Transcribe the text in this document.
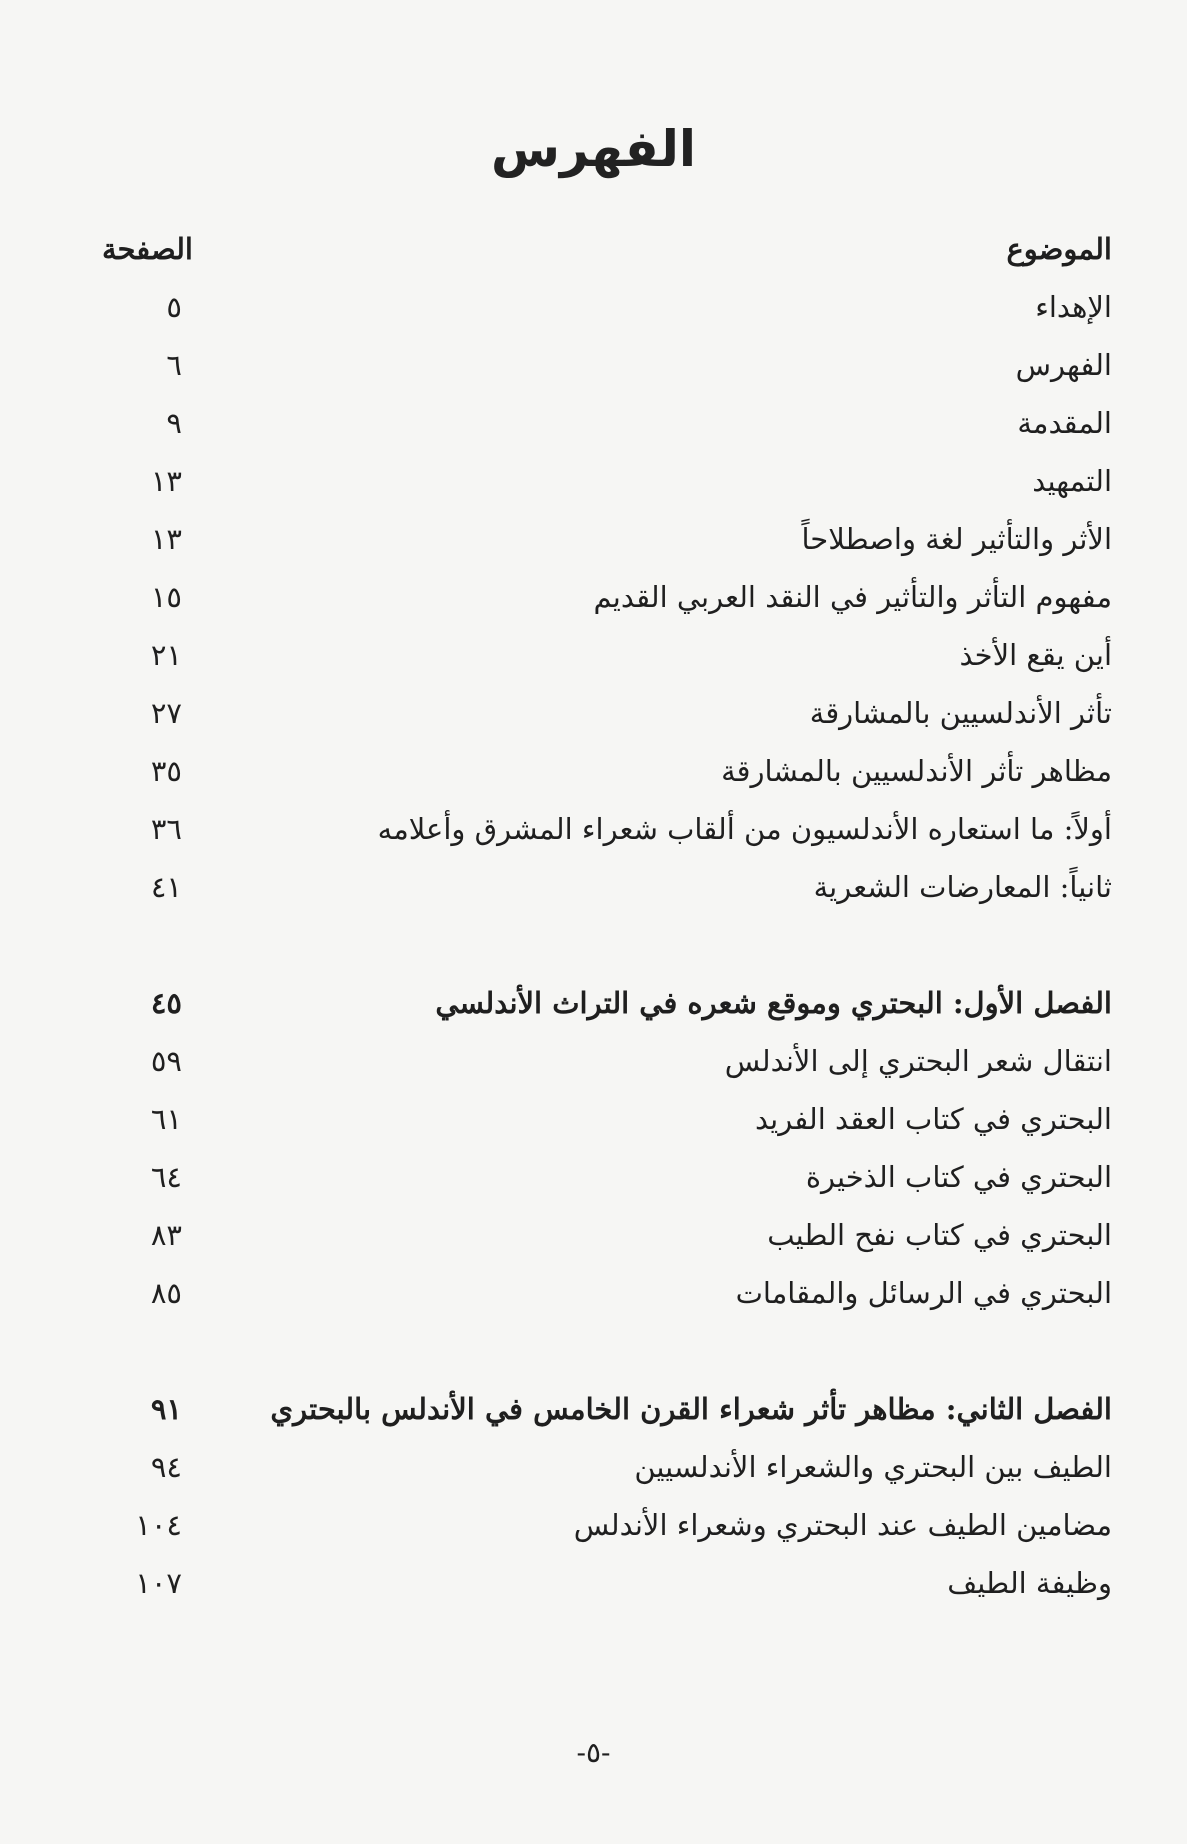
الفهرس
الموضوع
الصفحة
الإهداء
٥
الفهرس
٦
المقدمة
٩
التمهيد
١٣
الأثر والتأثير لغة واصطلاحاً
١٣
مفهوم التأثر والتأثير في النقد العربي القديم
١٥
أين يقع الأخذ
٢١
تأثر الأندلسيين بالمشارقة
٢٧
مظاهر تأثر الأندلسيين بالمشارقة
٣٥
أولاً: ما استعاره الأندلسيون من ألقاب شعراء المشرق وأعلامه
٣٦
ثانياً: المعارضات الشعرية
٤١
الفصل الأول: البحتري وموقع شعره في التراث الأندلسي
٤٥
انتقال شعر البحتري إلى الأندلس
٥٩
البحتري في كتاب العقد الفريد
٦١
البحتري في كتاب الذخيرة
٦٤
البحتري في كتاب نفح الطيب
٨٣
البحتري في الرسائل والمقامات
٨٥
الفصل الثاني: مظاهر تأثر شعراء القرن الخامس في الأندلس بالبحتري
٩١
الطيف بين البحتري والشعراء الأندلسيين
٩٤
مضامين الطيف عند البحتري وشعراء الأندلس
١٠٤
وظيفة الطيف
١٠٧
-٥-
